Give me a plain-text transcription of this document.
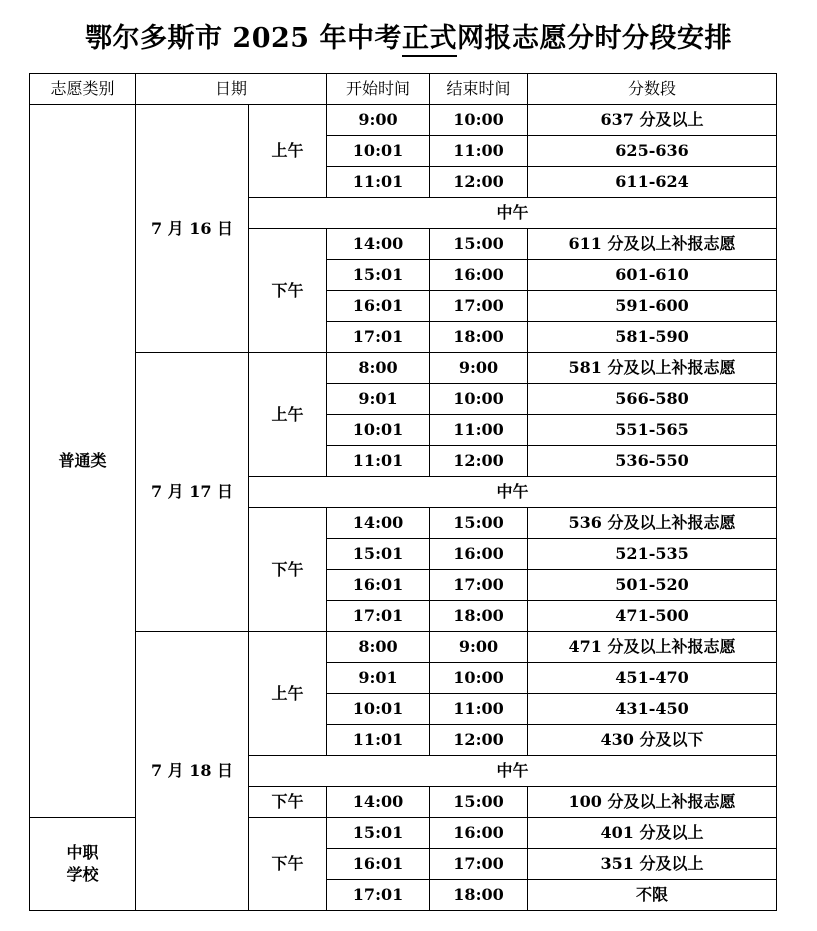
鄂尔多斯市 2025 年中考正式网报志愿分时分段安排
志愿类别	日期		开始时间	结束时间	分数段
普通类	7 月 16 日	上午	9:00	10:00	637 分及以上
			10:01	11:00	625-636
			11:01	12:00	611-624
		中午			
		下午	14:00	15:00	611 分及以上补报志愿
			15:01	16:00	601-610
			16:01	17:00	591-600
			17:01	18:00	581-590
	7 月 17 日	上午	8:00	9:00	581 分及以上补报志愿
			9:01	10:00	566-580
			10:01	11:00	551-565
			11:01	12:00	536-550
		中午			
		下午	14:00	15:00	536 分及以上补报志愿
			15:01	16:00	521-535
			16:01	17:00	501-520
			17:01	18:00	471-500
	7 月 18 日	上午	8:00	9:00	471 分及以上补报志愿
			9:01	10:00	451-470
			10:01	11:00	431-450
			11:01	12:00	430 分及以下
		中午			
		下午	14:00	15:00	100 分及以上补报志愿
中职
学校		下午	15:01	16:00	401 分及以上
			16:01	17:00	351 分及以上
			17:01	18:00	不限
